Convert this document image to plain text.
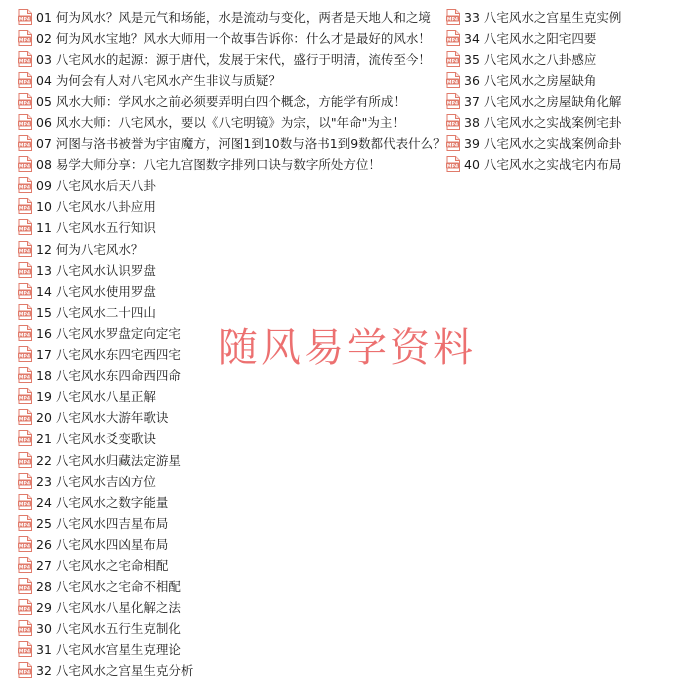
MP4 01 何为风水？风是元气和场能，水是流动与变化，两者是天地人和之境
MP4 02 何为风水宝地？风水大师用一个故事告诉你：什么才是最好的风水！
MP4 03 八宅风水的起源：源于唐代，发展于宋代，盛行于明清，流传至今！
MP4 04 为何会有人对八宅风水产生非议与质疑？
MP4 05 风水大师：学风水之前必须要弄明白四个概念，方能学有所成！
MP4 06 风水大师：八宅风水，要以《八宅明镜》为宗，以"年命"为主！
MP4 07 河图与洛书被誉为宇宙魔方，河图1到10数与洛书1到9数都代表什么？
MP4 08 易学大师分享：八宅九宫图数字排列口诀与数字所处方位！
MP4 09 八宅风水后天八卦
MP4 10 八宅风水八卦应用
MP4 11 八宅风水五行知识
MP4 12 何为八宅风水？
MP4 13 八宅风水认识罗盘
MP4 14 八宅风水使用罗盘
MP4 15 八宅风水二十四山
MP4 16 八宅风水罗盘定向定宅
MP4 17 八宅风水东四宅西四宅
MP4 18 八宅风水东四命西四命
MP4 19 八宅风水八星正解
MP4 20 八宅风水大游年歌诀
MP4 21 八宅风水爻变歌诀
MP4 22 八宅风水归藏法定游星
MP4 23 八宅风水吉凶方位
MP4 24 八宅风水之数字能量
MP4 25 八宅风水四吉星布局
MP4 26 八宅风水四凶星布局
MP4 27 八宅风水之宅命相配
MP4 28 八宅风水之宅命不相配
MP4 29 八宅风水八星化解之法
MP4 30 八宅风水五行生克制化
MP4 31 八宅风水宫星生克理论
MP4 32 八宅风水之宫星生克分析
MP4 33 八宅风水之宫星生克实例
MP4 34 八宅风水之阳宅四要
MP4 35 八宅风水之八卦感应
MP4 36 八宅风水之房屋缺角
MP4 37 八宅风水之房屋缺角化解
MP4 38 八宅风水之实战案例宅卦
MP4 39 八宅风水之实战案例命卦
MP4 40 八宅风水之实战宅内布局
随风易学资料
